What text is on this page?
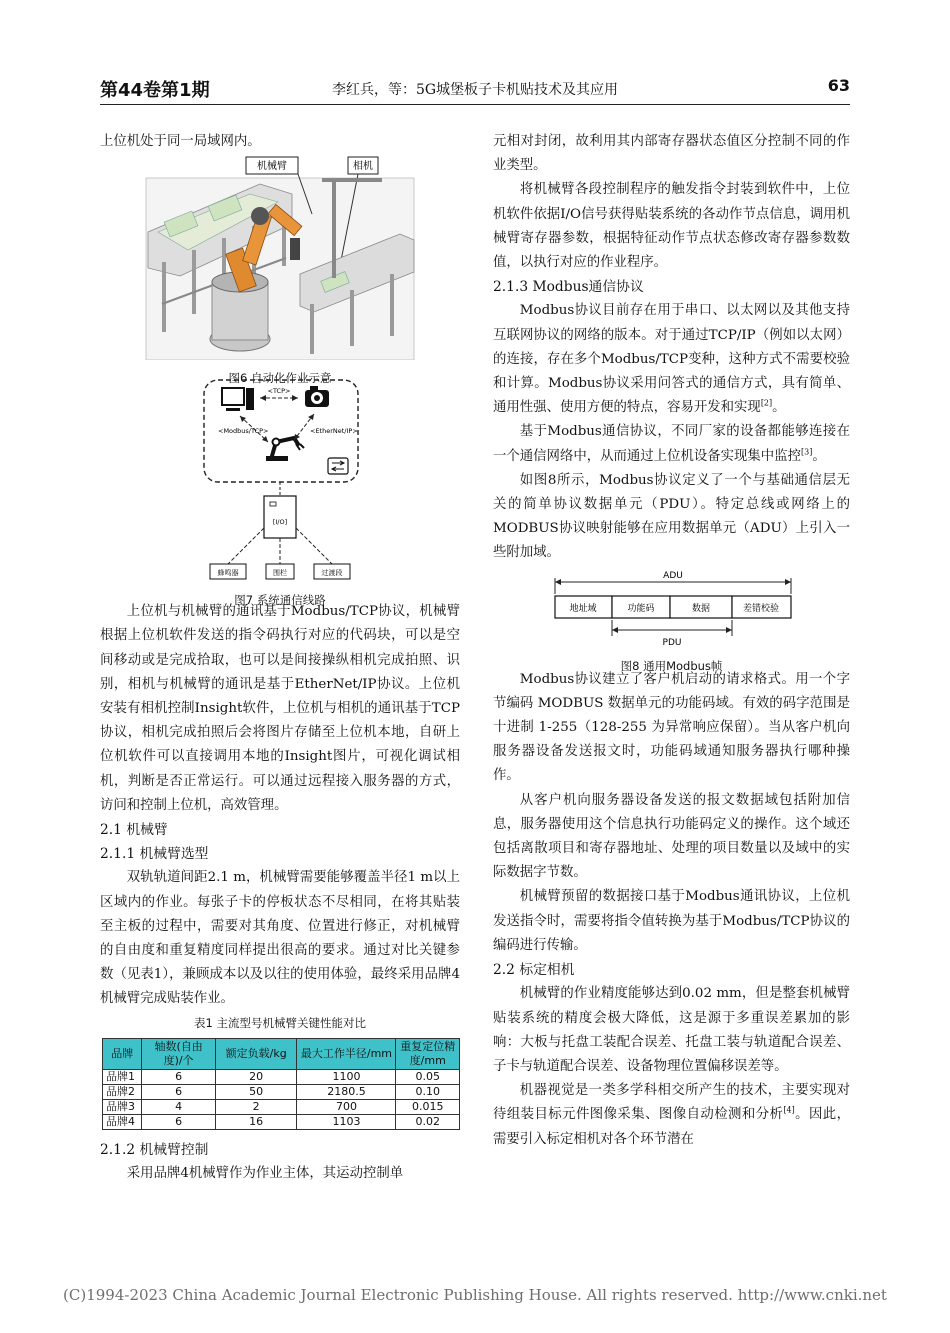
第44卷第1期	李红兵，等：5G城堡板子卡机贴技术及其应用	63

上位机处于同一局域网内。

机械臂	相机
图6 自动化作业示意
<TCP>
<Modbus/TCP>	<EtherNet/IP>
[I/O]
蜂鸣器	围栏	过渡段
图7 系统通信线路

上位机与机械臂的通讯基于Modbus/TCP协议，机械臂根据上位机软件发送的指令码执行对应的代码块，可以是空间移动或是完成拾取，也可以是间接操纵相机完成拍照、识别，相机与机械臂的通讯是基于EtherNet/IP协议。上位机安装有相机控制Insight软件，上位机与相机的通讯基于TCP协议，相机完成拍照后会将图片存储至上位机本地，自研上位机软件可以直接调用本地的Insight图片，可视化调试相机，判断是否正常运行。可以通过远程接入服务器的方式，访问和控制上位机，高效管理。

2.1 机械臂

2.1.1 机械臂选型

双轨轨道间距2.1 m，机械臂需要能够覆盖半径1 m以上区域内的作业。每张子卡的停板状态不尽相同，在将其贴装至主板的过程中，需要对其角度、位置进行修正，对机械臂的自由度和重复精度同样提出很高的要求。通过对比关键参数（见表1），兼顾成本以及以往的使用体验，最终采用品牌4机械臂完成贴装作业。

表1 主流型号机械臂关键性能对比
品牌	轴数(自由度)/个	额定负载/kg	最大工作半径/mm	重复定位精度/mm
品牌1	6	20	1100	0.05
品牌2	6	50	2180.5	0.10
品牌3	4	2	700	0.015
品牌4	6	16	1103	0.02

2.1.2 机械臂控制

采用品牌4机械臂作为作业主体，其运动控制单

元相对封闭，故利用其内部寄存器状态值区分控制不同的作业类型。

将机械臂各段控制程序的触发指令封装到软件中，上位机软件依据I/O信号获得贴装系统的各动作节点信息，调用机械臂寄存器参数，根据特征动作节点状态修改寄存器参数数值，以执行对应的作业程序。

2.1.3 Modbus通信协议

Modbus协议目前存在用于串口、以太网以及其他支持互联网协议的网络的版本。对于通过TCP/IP（例如以太网）的连接，存在多个Modbus/TCP变种，这种方式不需要校验和计算。Modbus协议采用问答式的通信方式，具有简单、通用性强、使用方便的特点，容易开发和实现[2]。

基于Modbus通信协议，不同厂家的设备都能够连接在一个通信网络中，从而通过上位机设备实现集中监控[3]。

如图8所示，Modbus协议定义了一个与基础通信层无关的简单协议数据单元（PDU）。特定总线或网络上的MODBUS协议映射能够在应用数据单元（ADU）上引入一些附加域。

ADU
地址域	功能码	数据	差错校验
PDU
图8 通用Modbus帧

Modbus协议建立了客户机启动的请求格式。用一个字节编码 MODBUS 数据单元的功能码域。有效的码字范围是十进制 1-255（128-255 为异常响应保留）。当从客户机向服务器设备发送报文时，功能码域通知服务器执行哪种操作。

从客户机向服务器设备发送的报文数据域包括附加信息，服务器使用这个信息执行功能码定义的操作。这个域还包括离散项目和寄存器地址、处理的项目数量以及域中的实际数据字节数。

机械臂预留的数据接口基于Modbus通讯协议，上位机发送指令时，需要将指令值转换为基于Modbus/TCP协议的编码进行传输。

2.2 标定相机

机械臂的作业精度能够达到0.02 mm，但是整套机械臂贴装系统的精度会极大降低，这是源于多重误差累加的影响：大板与托盘工装配合误差、托盘工装与轨道配合误差、子卡与轨道配合误差、设备物理位置偏移误差等。

机器视觉是一类多学科相交所产生的技术，主要实现对待组装目标元件图像采集、图像自动检测和分析[4]。因此，需要引入标定相机对各个环节潜在

(C)1994-2023 China Academic Journal Electronic Publishing House. All rights reserved. http://www.cnki.net
